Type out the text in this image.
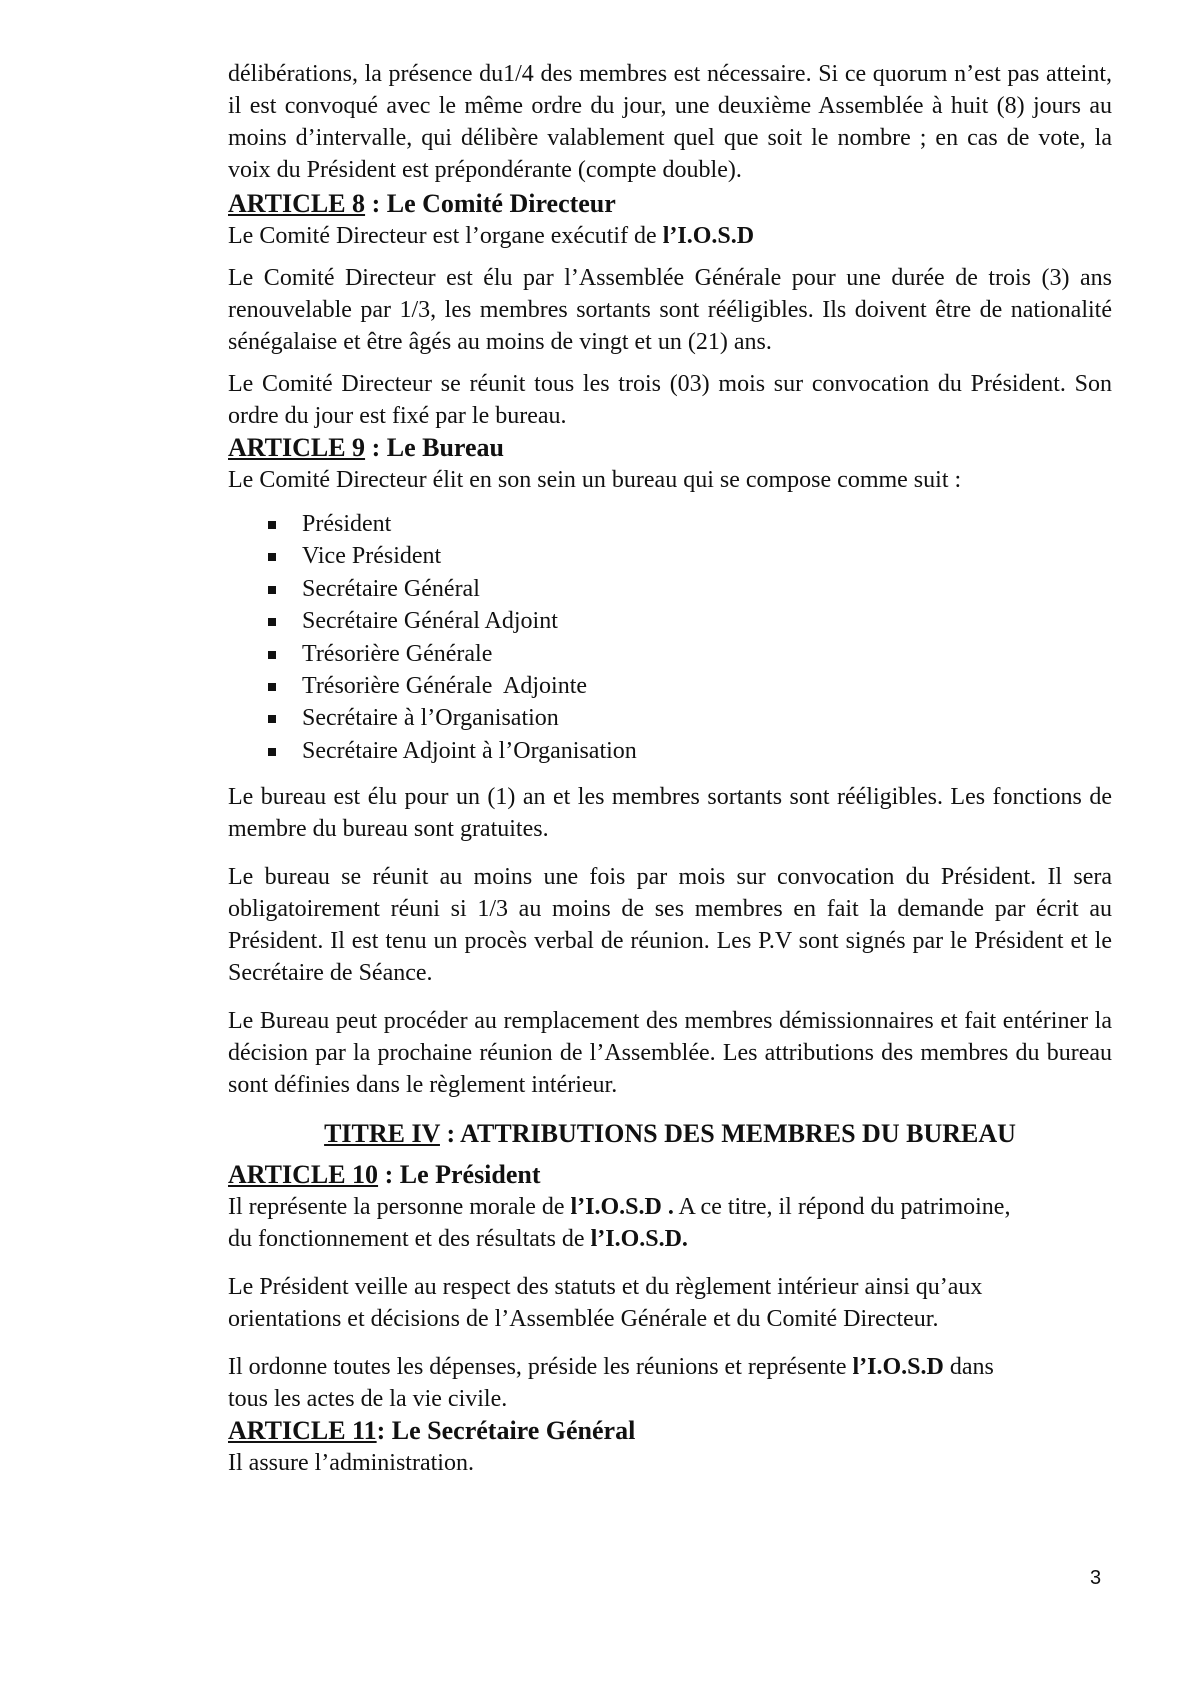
délibérations, la présence du1/4 des membres est nécessaire. Si ce quorum n’est pas atteint, il est convoqué avec le même ordre du jour, une deuxième Assemblée à huit (8) jours au moins d’intervalle, qui délibère valablement quel que soit le nombre ; en cas de vote, la voix du Président est prépondérante (compte double).

ARTICLE 8 : Le Comité Directeur

Le Comité Directeur est l’organe exécutif de l’I.O.S.D

Le Comité Directeur est élu par l’Assemblée Générale pour une durée de trois (3) ans renouvelable par 1/3, les membres sortants sont rééligibles. Ils doivent être de nationalité sénégalaise et être âgés au moins de vingt et un (21) ans.

Le Comité Directeur se réunit tous les trois (03) mois sur convocation du Président. Son ordre du jour est fixé par le bureau.

ARTICLE 9 : Le Bureau

Le Comité Directeur élit en son sein un bureau qui se compose comme suit :

Président
Vice Président
Secrétaire Général
Secrétaire Général Adjoint
Trésorière Générale
Trésorière Générale  Adjointe
Secrétaire à l’Organisation
Secrétaire Adjoint à l’Organisation

Le bureau est élu pour un (1) an et les membres sortants sont rééligibles. Les fonctions de membre du bureau sont gratuites.

Le bureau se réunit au moins une fois par mois sur convocation du Président. Il sera obligatoirement réuni si 1/3 au moins de ses membres en fait la demande par écrit au Président. Il est tenu un procès verbal de réunion. Les P.V sont signés par le Président et le Secrétaire de Séance.

Le Bureau peut procéder au remplacement des membres démissionnaires et fait entériner la décision par la prochaine réunion de l’Assemblée. Les attributions des membres du bureau sont définies dans le règlement intérieur.

TITRE IV : ATTRIBUTIONS DES MEMBRES DU BUREAU

ARTICLE 10 : Le Président

Il représente la personne morale de l’I.O.S.D . A ce titre, il répond du patrimoine,
du fonctionnement et des résultats de l’I.O.S.D.

Le Président veille au respect des statuts et du règlement intérieur ainsi qu’aux
orientations et décisions de l’Assemblée Générale et du Comité Directeur.

Il ordonne toutes les dépenses, préside les réunions et représente l’I.O.S.D dans
tous les actes de la vie civile.

ARTICLE 11: Le Secrétaire Général

Il assure l’administration.

3
